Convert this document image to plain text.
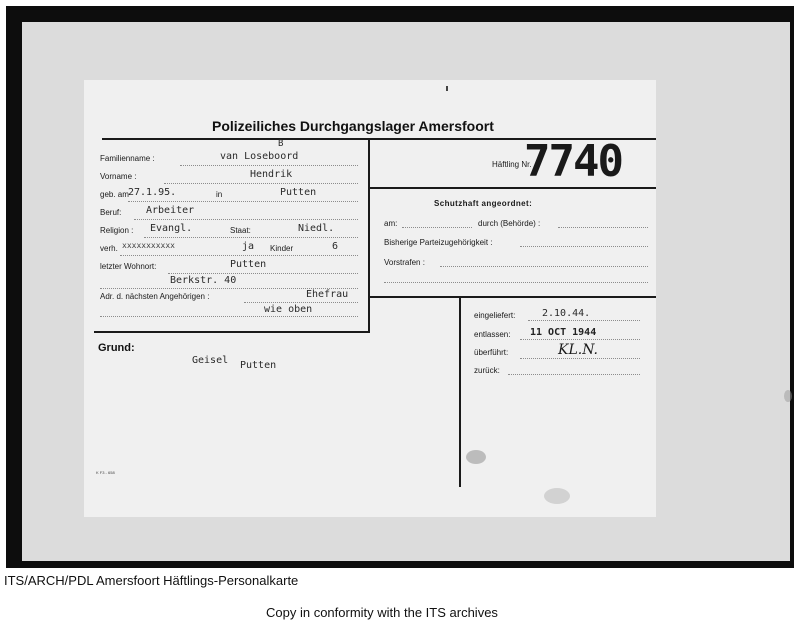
Polizeiliches Durchgangslager Amersfoort
Familienname :	van Loseboord
B
Vorname :	Hendrik
geb. am 27.1.95.	in	Putten
Beruf: Arbeiter
Religion : Evangl.	Staat:	Niedl.
verh. xxxxxxxxxxx	ja Kinder	6
letzter Wohnort:	Putten
Berkstr. 40
Adr. d. nächsten Angehörigen :	Ehefrau
wie oben
Häftling Nr.
7740
Schutzhaft angeordnet:
am:	durch (Behörde) :
Bisherige Parteizugehörigkeit :
Vorstrafen :
eingeliefert:	2.10.44.
entlassen: 11 OCT 1944
überführt:	KL.N.
zurück:
Grund:
Geisel Putten
K F3 - 658
ITS/ARCH/PDL Amersfoort Häftlings-Personalkarte
Copy in conformity with the ITS archives
